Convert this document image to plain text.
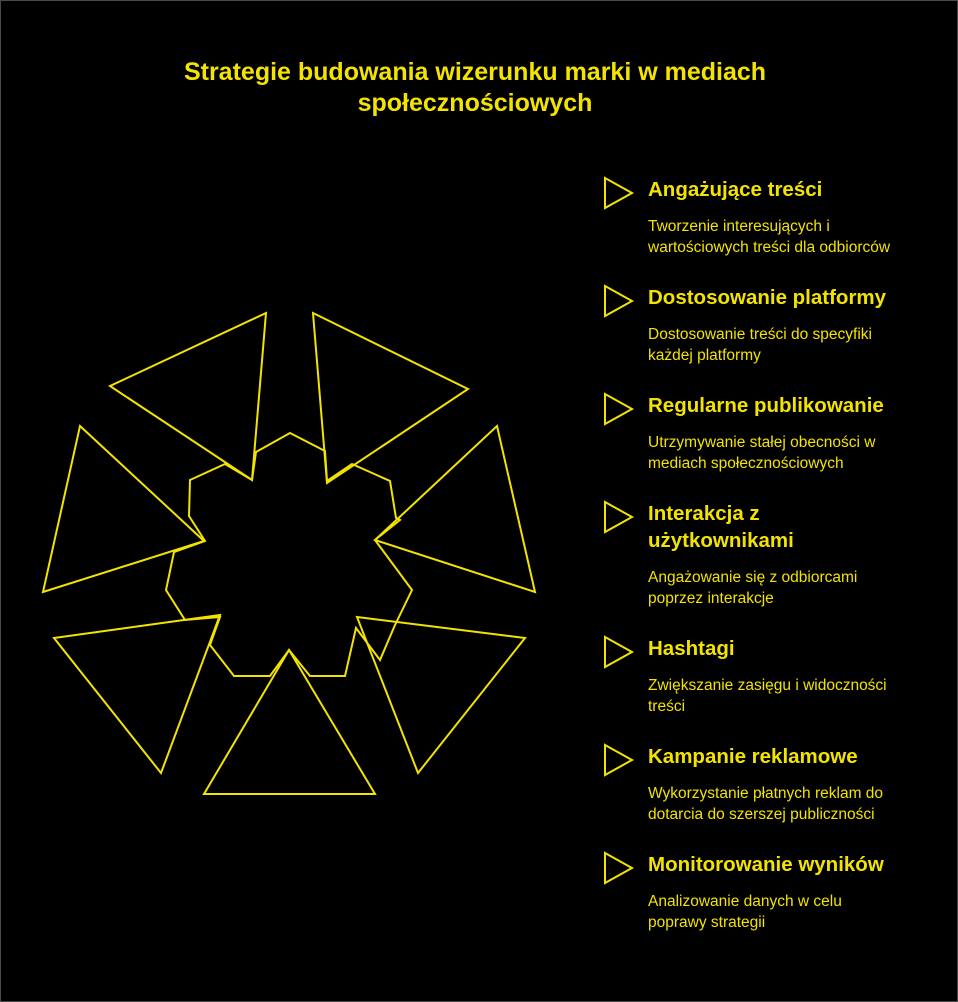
Strategie budowania wizerunku marki w mediach
społecznościowych
Angażujące treści

Tworzenie interesujących i
wartościowych treści dla odbiorców

Dostosowanie platformy

Dostosowanie treści do specyfiki
każdej platformy

Regularne publikowanie

Utrzymywanie stałej obecności w
mediach społecznościowych

Interakcja z
użytkownikami

Angażowanie się z odbiorcami
poprzez interakcje

Hashtagi

Zwiększanie zasięgu i widoczności
treści

Kampanie reklamowe

Wykorzystanie płatnych reklam do
dotarcia do szerszej publiczności

Monitorowanie wyników

Analizowanie danych w celu
poprawy strategii
